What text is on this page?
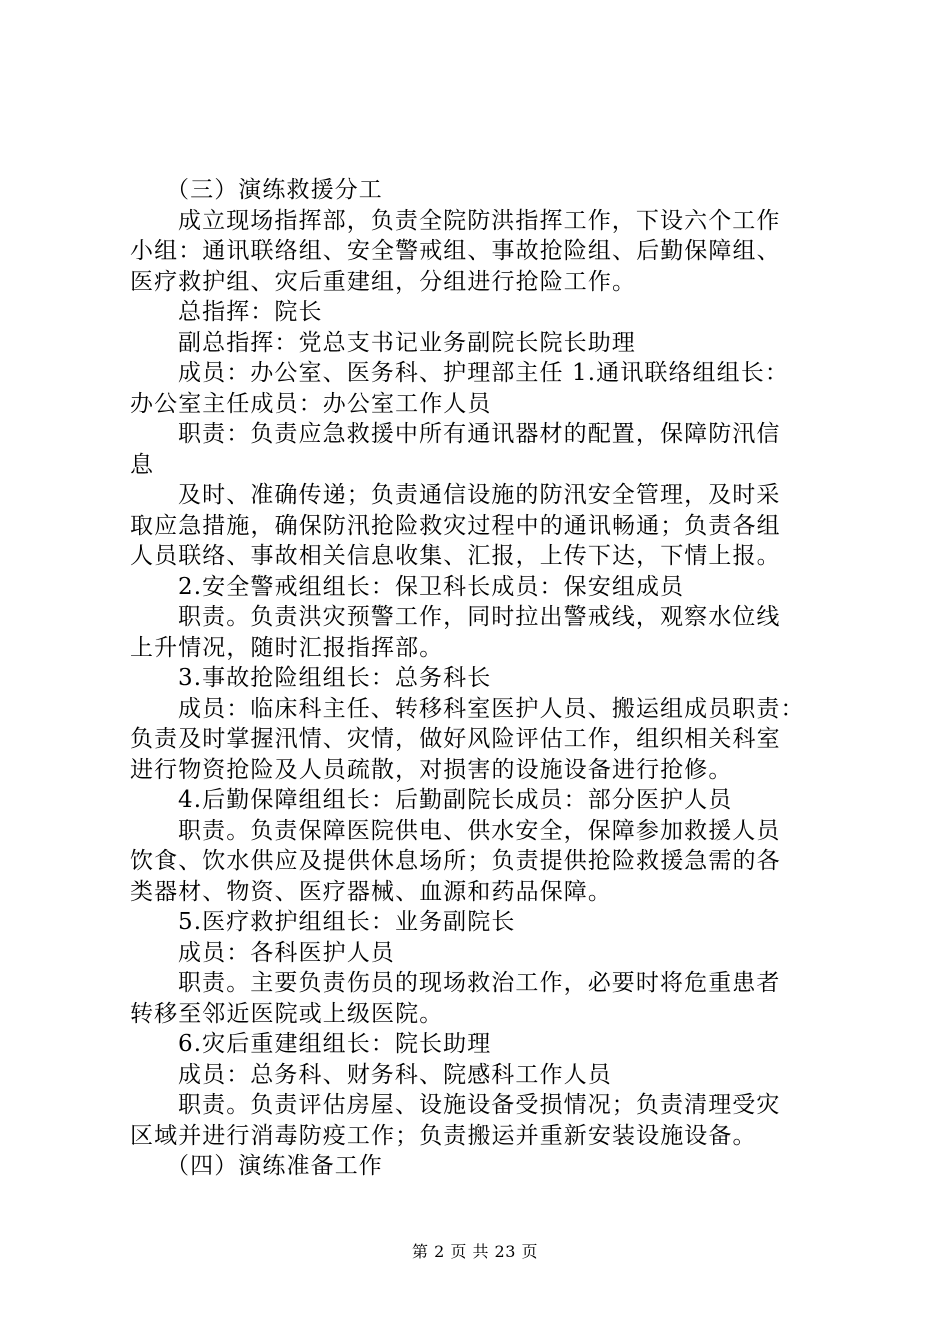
（三）演练救援分工
成立现场指挥部，负责全院防洪指挥工作，下设六个工作
小组：通讯联络组、安全警戒组、事故抢险组、后勤保障组、
医疗救护组、灾后重建组，分组进行抢险工作。
总指挥：院长
副总指挥：党总支书记业务副院长院长助理
成员：办公室、医务科、护理部主任 1.通讯联络组组长：
办公室主任成员：办公室工作人员
职责：负责应急救援中所有通讯器材的配置，保障防汛信
息
及时、准确传递；负责通信设施的防汛安全管理，及时采
取应急措施，确保防汛抢险救灾过程中的通讯畅通；负责各组
人员联络、事故相关信息收集、汇报，上传下达，下情上报。
2.安全警戒组组长：保卫科长成员：保安组成员
职责。负责洪灾预警工作，同时拉出警戒线，观察水位线
上升情况，随时汇报指挥部。
3.事故抢险组组长：总务科长
成员：临床科主任、转移科室医护人员、搬运组成员职责：
负责及时掌握汛情、灾情，做好风险评估工作，组织相关科室
进行物资抢险及人员疏散，对损害的设施设备进行抢修。
4.后勤保障组组长：后勤副院长成员：部分医护人员
职责。负责保障医院供电、供水安全，保障参加救援人员
饮食、饮水供应及提供休息场所；负责提供抢险救援急需的各
类器材、物资、医疗器械、血源和药品保障。
5.医疗救护组组长：业务副院长
成员：各科医护人员
职责。主要负责伤员的现场救治工作，必要时将危重患者
转移至邻近医院或上级医院。
6.灾后重建组组长：院长助理
成员：总务科、财务科、院感科工作人员
职责。负责评估房屋、设施设备受损情况；负责清理受灾
区域并进行消毒防疫工作；负责搬运并重新安装设施设备。
（四）演练准备工作
第 2 页 共 23 页
